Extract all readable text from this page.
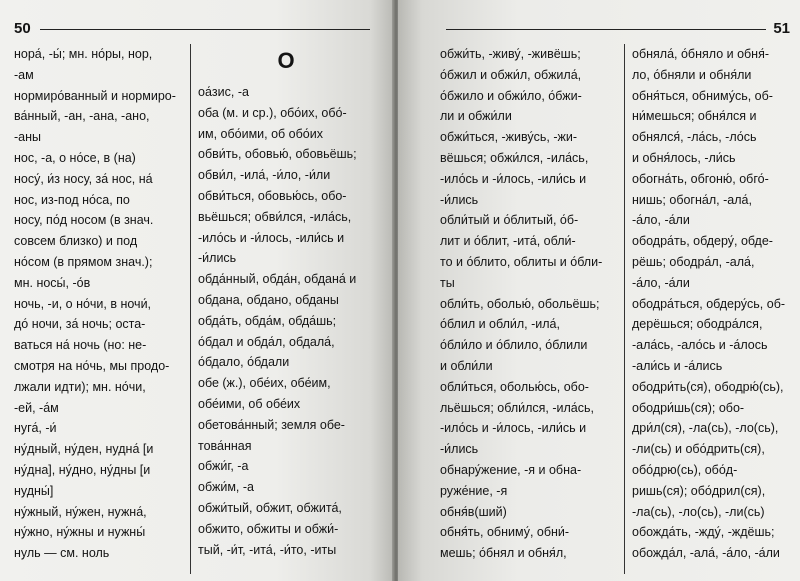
50

нора́, -ы́; мн. но́ры, нор,

-ам

нормиро́ванный и нормиро-

ва́нный, -ан, -ана, -ано,

-аны

нос, -а, о но́се, в (на)

носу́, и́з носу, за́ нос, на́

нос, из-под но́са, по

носу, по́д носом (в знач.

совсем близко) и под

но́сом (в прямом знач.);

мн. носы́, -о́в

ночь, -и, о но́чи, в ночи́,

до́ ночи, за́ ночь; оста-

ваться на́ ночь (но: не-

смотря на но́чь, мы продо-

лжали идти); мн. но́чи,

-ей, -а́м

нуга́, -и́

ну́дный, ну́ден, нудна́ [и

ну́дна], ну́дно, ну́дны [и

нудны́]

ну́жный, ну́жен, нужна́,

ну́жно, ну́жны и нужны́

нуль — см. ноль

О

оа́зис, -а

оба (м. и ср.), обо́их, обо́-

им, обо́ими, об обо́их

обви́ть, обовью́, обовьёшь;

обви́л, -ила́, -и́ло, -и́ли

обви́ться, обовью́сь, обо-

вьёшься; обви́лся, -ила́сь,

-ило́сь и -и́лось, -или́сь и

-и́лись

обда́нный, обда́н, обдана́ и

обдана, обдано, обданы

обда́ть, обда́м, обда́шь;

о́бдал и обда́л, обдала́,

о́бдало, о́бдали

обе (ж.), обе́их, обе́им,

обе́ими, об обе́их

обетова́нный; земля обе-

това́нная

обжи́г, -а

обжи́м, -а

обжи́тый, обжит, обжита́,

обжито, обжиты и обжи́-

тый, -и́т, -ита́, -и́то, -иты

51

обжи́ть, -живу́, -живёшь;

о́бжил и обжи́л, обжила́,

о́бжило и обжи́ло, о́бжи-

ли и обжи́ли

обжи́ться, -живу́сь, -жи-

вёшься; обжи́лся, -ила́сь,

-ило́сь и -и́лось, -или́сь и

-и́лись

обли́тый и о́блитый, о́б-

лит и о́блит, -ита́, обли́-

то и о́блито, облиты и о́бли-

ты

обли́ть, оболью́, обольёшь;

о́блил и обли́л, -ила́,

о́бли́ло и о́блило, о́блили

и обли́ли

обли́ться, оболью́сь, обо-

льёшься; обли́лся, -ила́сь,

-ило́сь и -и́лось, -или́сь и

-и́лись

обнару́жение, -я и обна-

руже́ние, -я

обня́в(ший)

обня́ть, обниму́, обни́-

мешь; о́бнял и обня́л,

обняла́, о́бняло и обня́-

ло, о́бняли и обня́ли

обня́ться, обниму́сь, об-

ни́мешься; обня́лся и

обнялся́, -ла́сь, -ло́сь

и обня́лось, -ли́сь

обогна́ть, обгоню́, обго́-

нишь; обогна́л, -ала́,

-а́ло, -а́ли

ободра́ть, обдеру́, обде-

рёшь; ободра́л, -ала́,

-а́ло, -а́ли

ободра́ться, обдеру́сь, об-

дерёшься; ободра́лся,

-ала́сь, -ало́сь и -а́лось

-али́сь и -а́лись

ободри́ть(ся), ободрю́(сь),

ободри́шь(ся); обо-

дри́л(ся), -ла(сь), -ло(сь),

-ли(сь) и обо́дрить(ся),

обо́дрю(сь), обо́д-

ришь(ся); обо́дрил(ся),

-ла(сь), -ло(сь), -ли(сь)

обожда́ть, -жду́, -ждёшь;

обожда́л, -ала́, -а́ло, -а́ли
